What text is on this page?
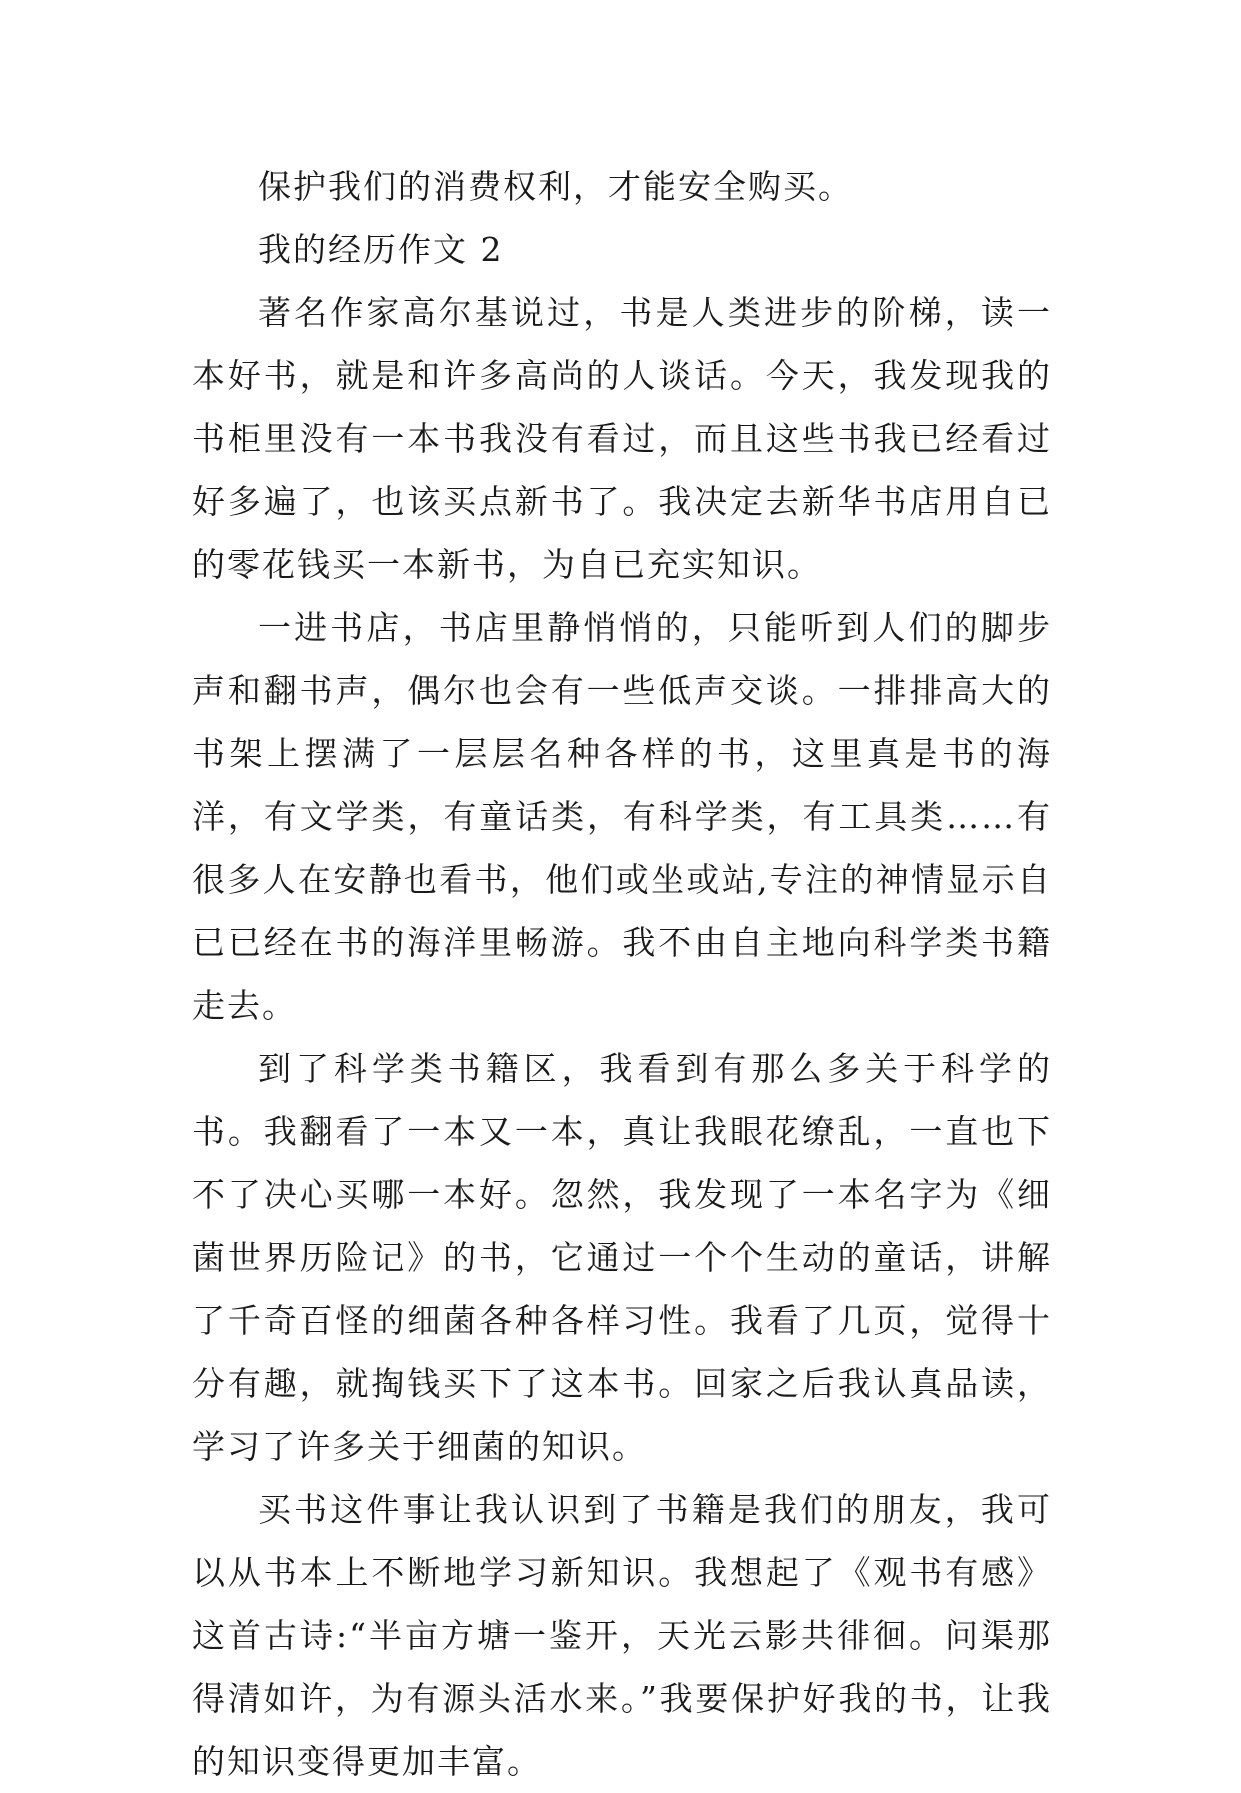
保护我们的消费权利，才能安全购买。

我的经历作文 2

著名作家高尔基说过，书是人类进步的阶梯，读一本好书，就是和许多高尚的人谈话。今天，我发现我的书柜里没有一本书我没有看过，而且这些书我已经看过好多遍了，也该买点新书了。我决定去新华书店用自已的零花钱买一本新书，为自已充实知识。

一进书店，书店里静悄悄的，只能听到人们的脚步声和翻书声，偶尔也会有一些低声交谈。一排排高大的书架上摆满了一层层名种各样的书，这里真是书的海洋，有文学类，有童话类，有科学类，有工具类……有很多人在安静也看书，他们或坐或站,专注的神情显示自已已经在书的海洋里畅游。我不由自主地向科学类书籍走去。

到了科学类书籍区，我看到有那么多关于科学的书。我翻看了一本又一本，真让我眼花缭乱，一直也下不了决心买哪一本好。忽然，我发现了一本名字为《细菌世界历险记》的书，它通过一个个生动的童话，讲解了千奇百怪的细菌各种各样习性。我看了几页，觉得十分有趣，就掏钱买下了这本书。回家之后我认真品读，学习了许多关于细菌的知识。

买书这件事让我认识到了书籍是我们的朋友，我可以从书本上不断地学习新知识。我想起了《观书有感》这首古诗:“半亩方塘一鉴开，天光云影共徘徊。问渠那得清如许，为有源头活水来。”我要保护好我的书，让我的知识变得更加丰富。
